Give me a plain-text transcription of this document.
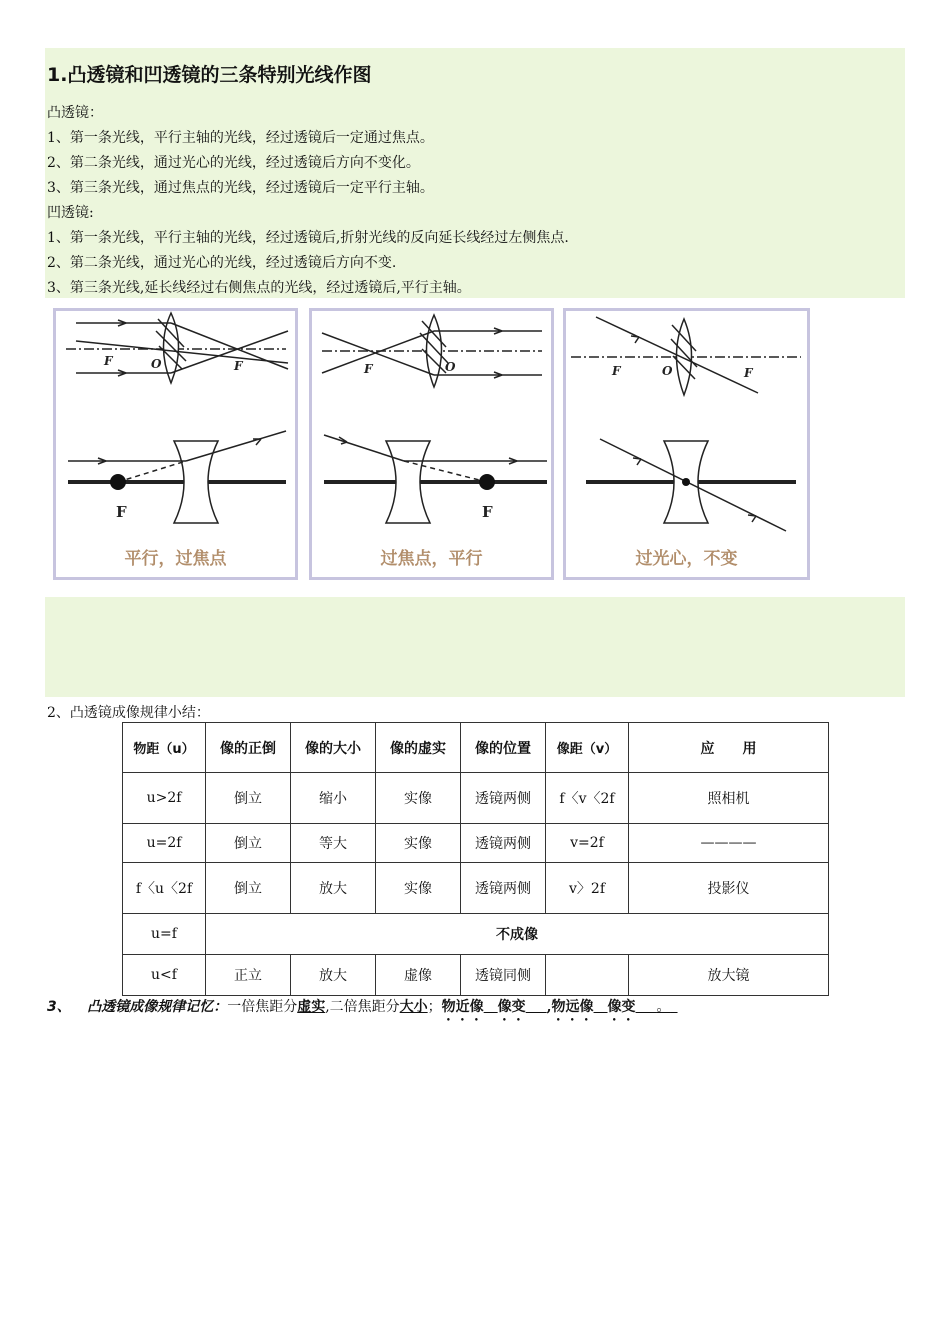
1.凸透镜和凹透镜的三条特别光线作图
凸透镜：
1、第一条光线，平行主轴的光线，经过透镜后一定通过焦点。
2、第二条光线，通过光心的光线，经过透镜后方向不变化。
3、第三条光线，通过焦点的光线，经过透镜后一定平行主轴。
凹透镜:
1、第一条光线，平行主轴的光线，经过透镜后,折射光线的反向延长线经过左侧焦点.
2、第二条光线，通过光心的光线，经过透镜后方向不变.
3、第三条光线,延长线经过右侧焦点的光线，经过透镜后,平行主轴。
F	O	F
F
平行，过焦点
F	O
F
过焦点，平行
F	O	F
过光心，不变
2、凸透镜成像规律小结：
物距（u）	像的正倒	像的大小	像的虚实	像的位置	像距（v）	应　　用
u>2f	倒立	缩小	实像	透镜两侧	f〈v〈2f	照相机
u=2f	倒立	等大	实像	透镜两侧	v=2f	————
f〈u〈2f	倒立	放大	实像	透镜两侧	v〉2f	投影仪
u=f	不成像					
u<f	正立	放大	虚像	透镜同侧		放大镜
3、 凸透镜成像规律记忆：一倍焦距分虚实,二倍焦距分大小；物近像  像变   ,物远像  像变   。 
